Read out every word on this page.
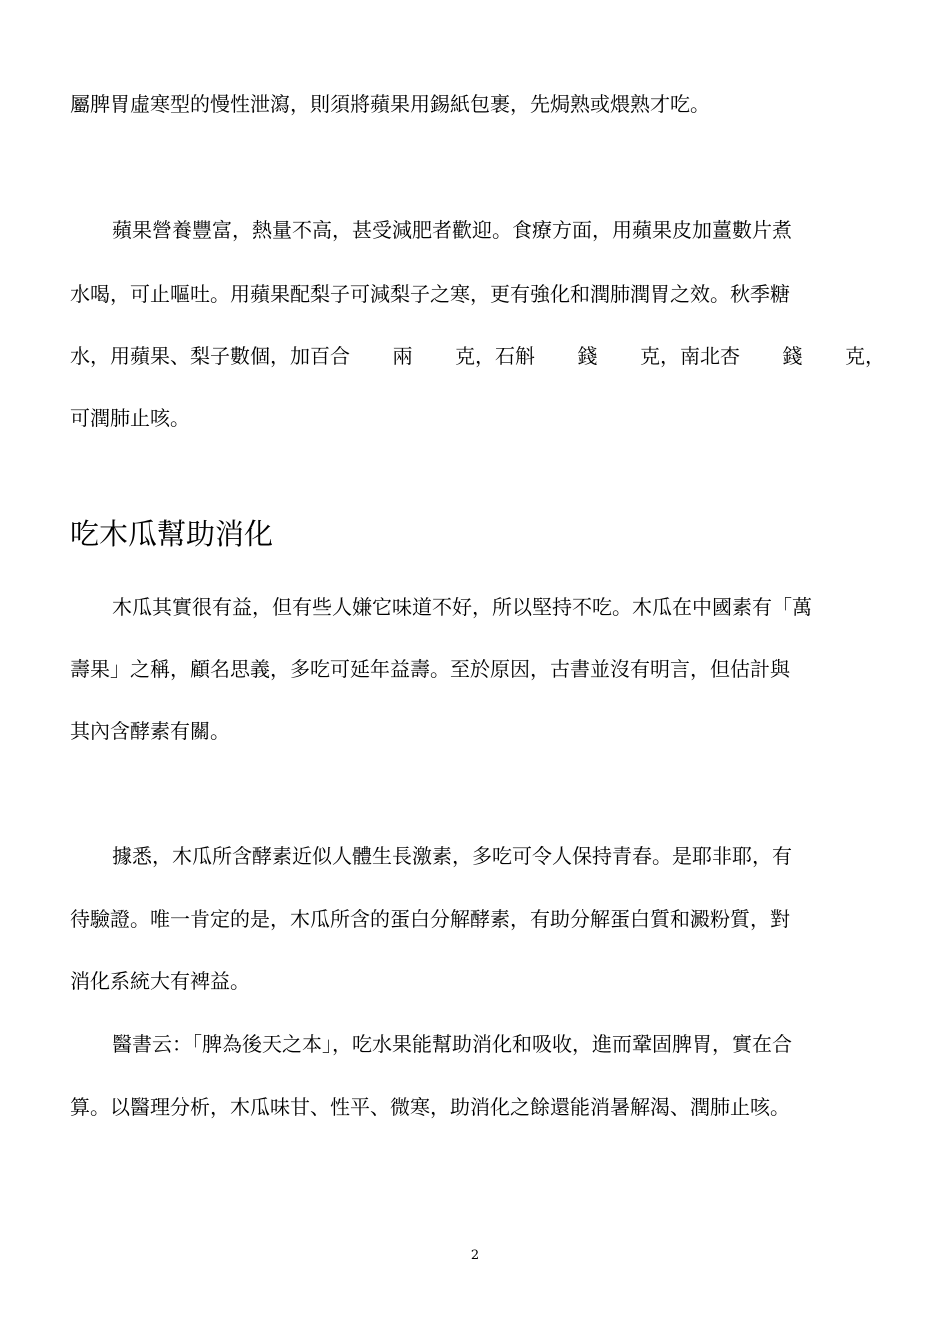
屬脾胃虛寒型的慢性泄瀉，則須將蘋果用錫紙包裹，先焗熟或煨熟才吃。
蘋果營養豐富，熱量不高，甚受減肥者歡迎。食療方面，用蘋果皮加薑數片煮
水喝，可止嘔吐。用蘋果配梨子可減梨子之寒，更有強化和潤肺潤胃之效。秋季糖
水，用蘋果、梨子數個，加百合 兩 克，石斛 錢 克，南北杏 錢 克，
可潤肺止咳。
吃木瓜幫助消化
木瓜其實很有益，但有些人嫌它味道不好，所以堅持不吃。木瓜在中國素有「萬
壽果」之稱，顧名思義，多吃可延年益壽。至於原因，古書並沒有明言，但估計與
其內含酵素有關。
據悉，木瓜所含酵素近似人體生長激素，多吃可令人保持青春。是耶非耶，有
待驗證。唯一肯定的是，木瓜所含的蛋白分解酵素，有助分解蛋白質和澱粉質，對
消化系統大有裨益。
醫書云：「脾為後天之本」，吃水果能幫助消化和吸收，進而鞏固脾胃，實在合
算。以醫理分析，木瓜味甘、性平、微寒，助消化之餘還能消暑解渴、潤肺止咳。
2
